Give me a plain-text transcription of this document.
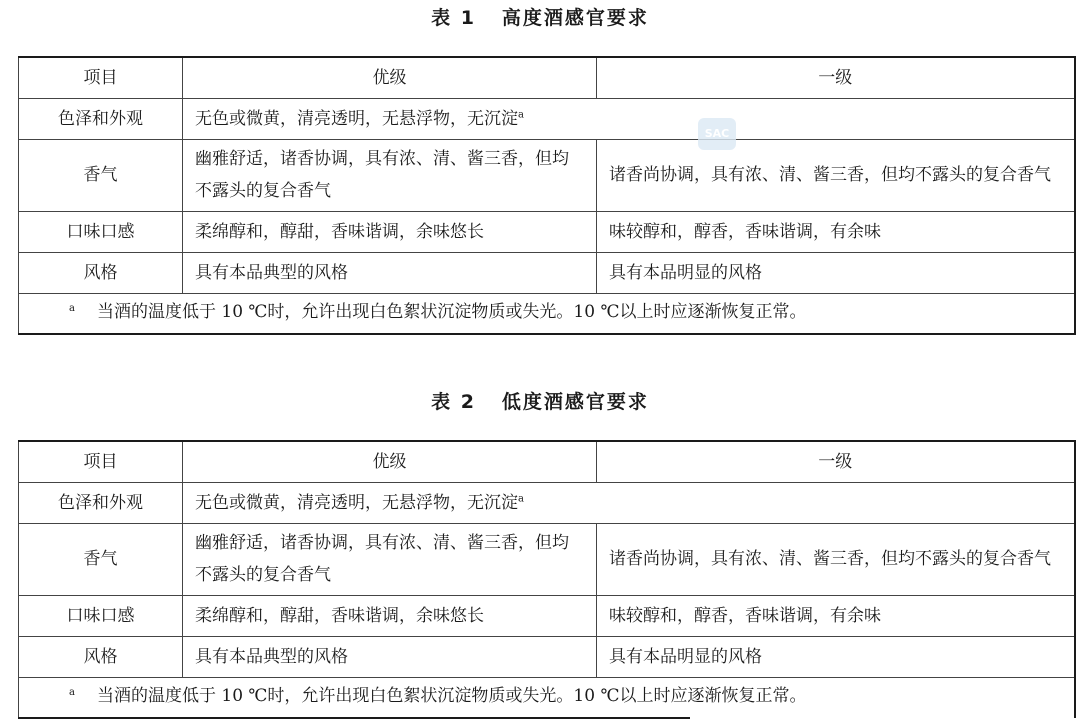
表 1   高度酒感官要求
项目	优级	一级
色泽和外观	无色或微黄，清亮透明，无悬浮物，无沉淀$^a$
香气	幽雅舒适，诸香协调，具有浓、清、酱三香，但均不露头的复合香气	诸香尚协调，具有浓、清、酱三香，但均不露头的复合香气
口味口感	柔绵醇和，醇甜，香味谐调，余味悠长	味较醇和，醇香，香味谐调，有余味
风格	具有本品典型的风格	具有本品明显的风格
$^a$ 当酒的温度低于 10 ℃时，允许出现白色絮状沉淀物质或失光。10 ℃以上时应逐渐恢复正常。		
SAC
表 2   低度酒感官要求
项目	优级	一级
色泽和外观	无色或微黄，清亮透明，无悬浮物，无沉淀$^a$
香气	幽雅舒适，诸香协调，具有浓、清、酱三香，但均不露头的复合香气	诸香尚协调，具有浓、清、酱三香，但均不露头的复合香气
口味口感	柔绵醇和，醇甜，香味谐调，余味悠长	味较醇和，醇香，香味谐调，有余味
风格	具有本品典型的风格	具有本品明显的风格
$^a$ 当酒的温度低于 10 ℃时，允许出现白色絮状沉淀物质或失光。10 ℃以上时应逐渐恢复正常。		
